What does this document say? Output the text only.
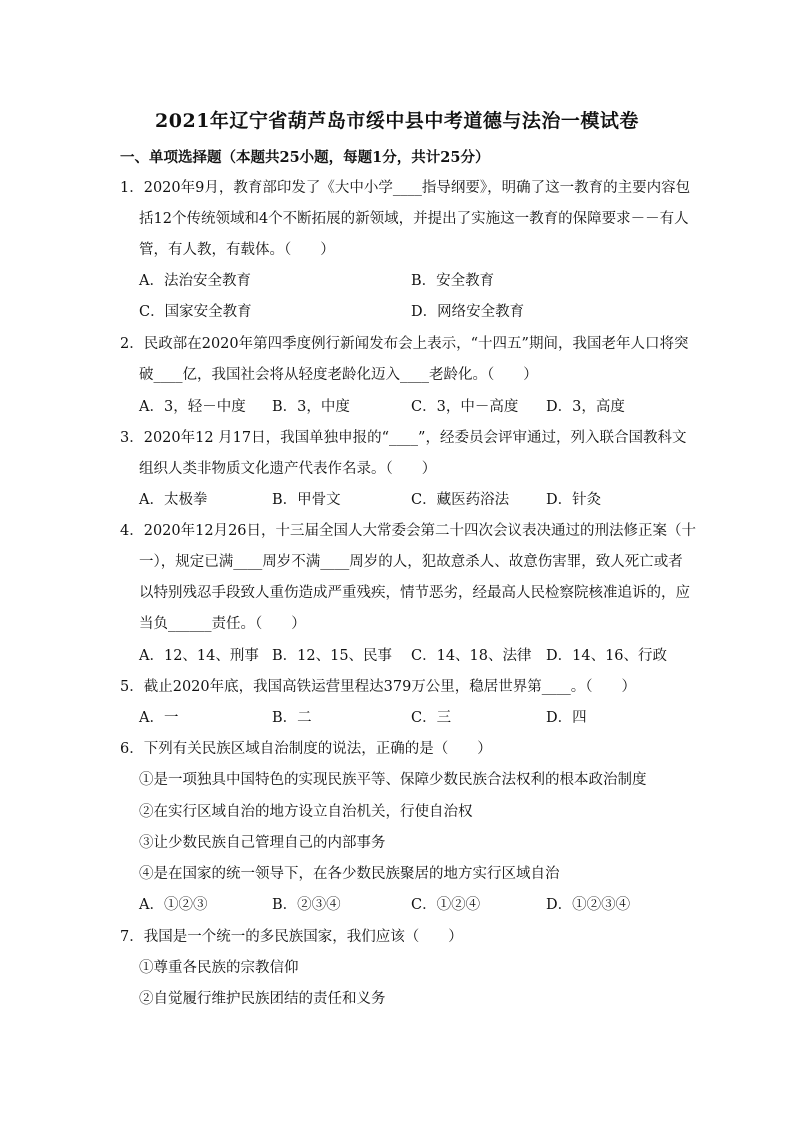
2021年辽宁省葫芦岛市绥中县中考道德与法治一模试卷
一、单项选择题（本题共25小题，每题1分，共计25分）
1．2020年9月，教育部印发了《大中小学____指导纲要》，明确了这一教育的主要内容包
括12个传统领域和4个不断拓展的新领域，并提出了实施这一教育的保障要求－－有人
管，有人教，有载体。（　　）
A．法治安全教育	B．安全教育
C．国家安全教育	D．网络安全教育
2．民政部在2020年第四季度例行新闻发布会上表示，“十四五”期间，我国老年人口将突
破____亿，我国社会将从轻度老龄化迈入____老龄化。（　　）
A．3，轻－中度 B．3，中度	C．3，中－高度 D．3，高度
3．2020年12 月17日，我国单独申报的“____”，经委员会评审通过，列入联合国教科文
组织人类非物质文化遗产代表作名录。（　　）
A．太极拳	B．甲骨文	C．藏医药浴法	D．针灸
4．2020年12月26日，十三届全国人大常委会第二十四次会议表决通过的刑法修正案（十
一），规定已满____周岁不满____周岁的人，犯故意杀人、故意伤害罪，致人死亡或者
以特别残忍手段致人重伤造成严重残疾，情节恶劣，经最高人民检察院核准追诉的，应
当负______责任。（　　）
A．12、14、刑事 B．12、15、民事 C．14、18、法律 D．14、16、行政
5．截止2020年底，我国高铁运营里程达379万公里，稳居世界第____。（　　）
A．一	B．二	C．三	D．四
6．下列有关民族区域自治制度的说法，正确的是（　　）
①是一项独具中国特色的实现民族平等、保障少数民族合法权利的根本政治制度
②在实行区域自治的地方设立自治机关，行使自治权
③让少数民族自己管理自己的内部事务
④是在国家的统一领导下，在各少数民族聚居的地方实行区域自治
A．①②③	B．②③④	C．①②④	D．①②③④
7．我国是一个统一的多民族国家，我们应该（　　）
①尊重各民族的宗教信仰
②自觉履行维护民族团结的责任和义务
